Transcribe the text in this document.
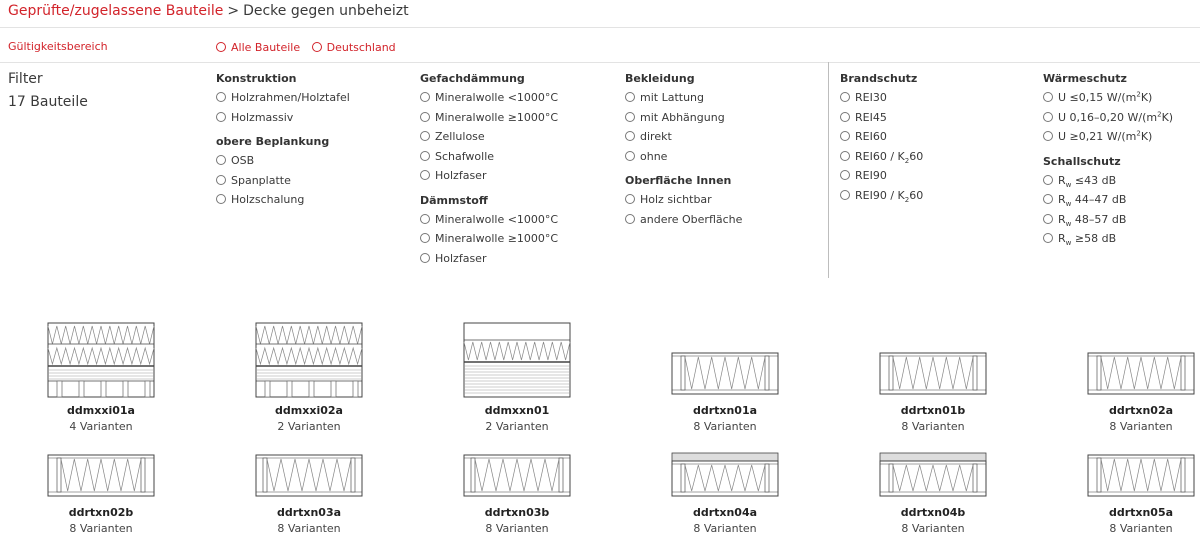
Geprüfte/zugelassene Bauteile > Decke gegen unbeheizt
Gültigkeitsbereich	Alle Bauteile Deutschland
Filter
17 Bauteile
Konstruktion
Holzrahmen/Holztafel
Holzmassiv
obere Beplankung
OSB
Spanplatte
Holzschalung
Gefachdämmung
Mineralwolle <1000°C
Mineralwolle ≥1000°C
Zellulose
Schafwolle
Holzfaser
Dämmstoff
Mineralwolle <1000°C
Mineralwolle ≥1000°C
Holzfaser
Bekleidung
mit Lattung
mit Abhängung
direkt
ohne
Oberfläche Innen
Holz sichtbar
andere Oberfläche
Brandschutz
REI30
REI45
REI60
$REI60 / K_260$
REI90
$REI90 / K_260$
Wärmeschutz
U ≤0,15 $W/(m^2K)$
U 0,16–0,20 $W/(m^2K)$
U ≥0,21 $W/(m^2K)$
Schallschutz
$R_w \le 43$ dB
$R_w$ 44–47 dB
$R_w$ 48–57 dB
$R_w \ge 58$ dB
ddmxxi01a
4 Varianten
ddmxxi02a
2 Varianten
ddmxxn01
2 Varianten
ddrtxn01a
8 Varianten
ddrtxn01b
8 Varianten
ddrtxn02a
8 Varianten
ddrtxn02b
8 Varianten
ddrtxn03a
8 Varianten
ddrtxn03b
8 Varianten
ddrtxn04a
8 Varianten
ddrtxn04b
8 Varianten
ddrtxn05a
8 Varianten
